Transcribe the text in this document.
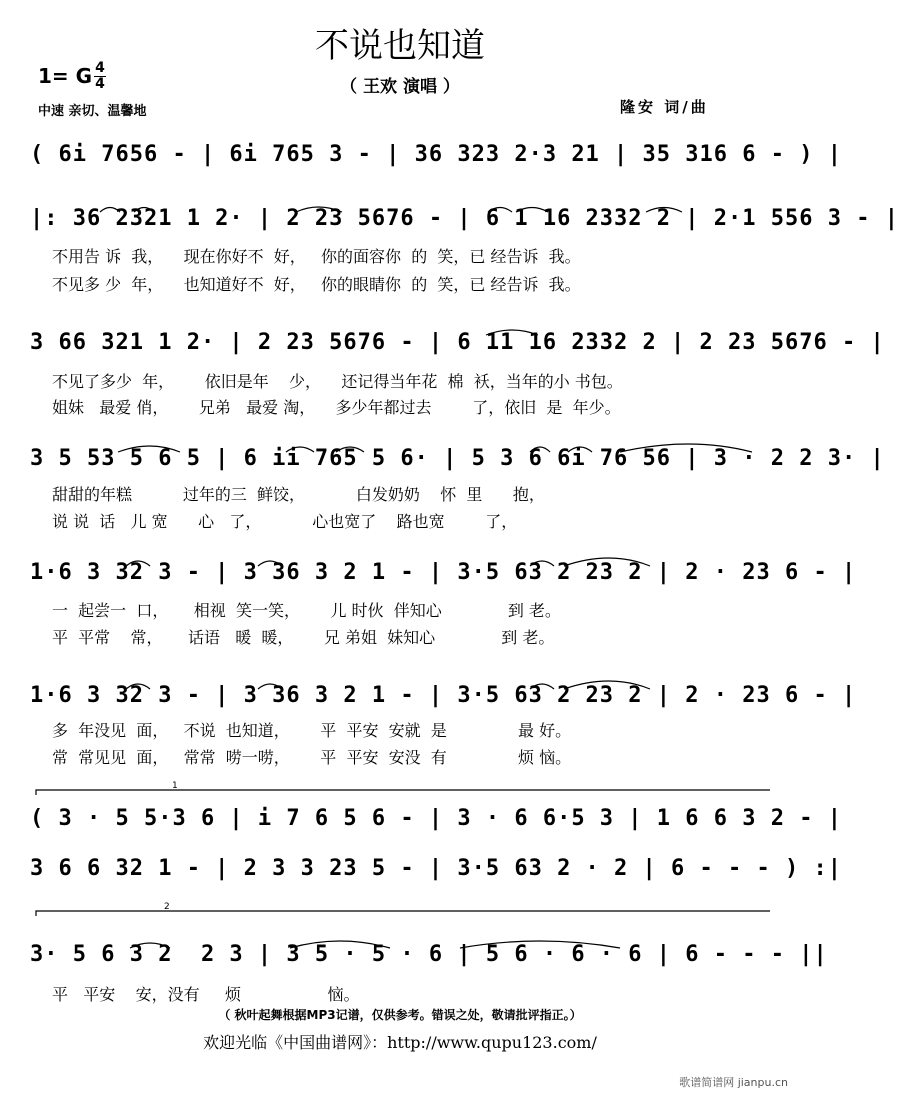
不说也知道
（ 王欢 演唱 ）
1= G 4
4
中速 亲切、温馨地	隆安 词/曲
( 6i 7656 - | 6i 765 3 - | 36 323 2·3 21 | 35 316 6 - ) |
|: 36 2321 1 2· | 2 23 5676 - | 6 1 16 2332 2 | 2·1 556 3 - |
不用告 诉  我，    现在你好不  好，   你的面容你  的  笑，已 经告诉  我。
不见多 少  年，    也知道好不  好，   你的眼睛你  的  笑，已 经告诉  我。
3 66 321 1 2· | 2 23 5676 - | 6 11 16 2332 2 | 2 23 5676 - |
不见了多少  年，      依旧是年    少，    还记得当年花  棉  袄，当年的小 书包。
姐妹   最爱 俏，      兄弟   最爱 淘，    多少年都过去        了，依旧  是  年少。
3 5 53 5 6 5 | 6 ii 765 5 6· | 5 3 6 6i 76 56 | 3 · 2 2 3· |
甜甜的年糕          过年的三  鲜饺，          白发奶奶    怀  里      抱，
说 说  话   儿 宽      心   了，          心也宽了    路也宽        了，
1·6 3 32 3 - | 3 36 3 2 1 - | 3·5 63 2 23 2 | 2 · 23 6 - |
一  起尝一  口，     相视  笑一笑，      儿 时伙  伴知心             到 老。
平  平常    常，     话语   暖  暖，      兄 弟姐  妹知心             到 老。
1·6 3 32 3 - | 3 36 3 2 1 - | 3·5 63 2 23 2 | 2 · 23 6 - |
多  年没见  面，   不说  也知道，      平  平安  安就  是              最 好。
常  常见见  面，   常常  唠一唠，      平  平安  安没  有              烦 恼。
( 3 · 5 5·3 6 | i 7 6 5 6 - | 3 · 6 6·5 3 | 1 6 6 3 2 - |
3 6 6 32 1 - | 2 3 3 23 5 - | 3·5 63 2 · 2 | 6 - - - ) :|
3· 5 6 3 2  2 3 | 3 5 · 5 · 6 | 5 6 · 6 · 6 | 6 - - - ||
平   平安    安，没有     烦                 恼。
1
2
（ 秋叶起舞根据MP3记谱，仅供参考。错误之处，敬请批评指正。）
欢迎光临《中国曲谱网》：http://www.qupu123.com/
歌谱简谱网 jianpu.cn
